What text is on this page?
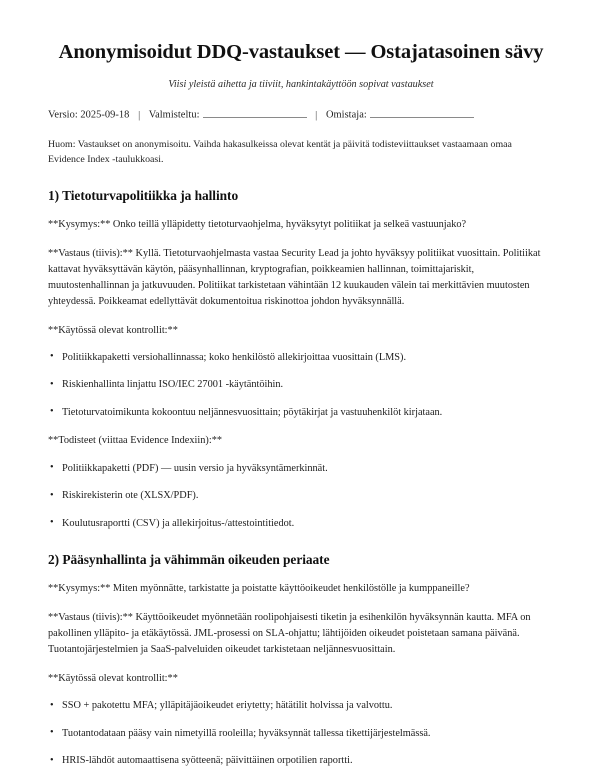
Anonymisoidut DDQ-vastaukset — Ostajatasoinen sävy

Viisi yleistä aihetta ja tiiviit, hankintakäyttöön sopivat vastaukset

Versio: 2025-09-18 | Valmisteltu:	| Omistaja:

Huom: Vastaukset on anonymisoitu. Vaihda hakasulkeissa olevat kentät ja päivitä todisteviittaukset vastaamaan omaa Evidence Index -taulukkoasi.

1) Tietoturvapolitiikka ja hallinto

**Kysymys:** Onko teillä ylläpidetty tietoturvaohjelma, hyväksytyt politiikat ja selkeä vastuunjako?

**Vastaus (tiivis):** Kyllä. Tietoturvaohjelmasta vastaa Security Lead ja johto hyväksyy politiikat vuosittain. Politiikat kattavat hyväksyttävän käytön, pääsynhallinnan, kryptografian, poikkeamien hallinnan, toimittajariskit, muutostenhallinnan ja jatkuvuuden. Politiikat tarkistetaan vähintään 12 kuukauden välein tai merkittävien muutosten yhteydessä. Poikkeamat edellyttävät dokumentoitua riskinottoa johdon hyväksynnällä.

**Käytössä olevat kontrollit:**

• Politiikkapaketti versiohallinnassa; koko henkilöstö allekirjoittaa vuosittain (LMS).
• Riskienhallinta linjattu ISO/IEC 27001 -käytäntöihin.
• Tietoturvatoimikunta kokoontuu neljännesvuosittain; pöytäkirjat ja vastuuhenkilöt kirjataan.

**Todisteet (viittaa Evidence Indexiin):**

• Politiikkapaketti (PDF) — uusin versio ja hyväksyntämerkinnät.
• Riskirekisterin ote (XLSX/PDF).
• Koulutusraportti (CSV) ja allekirjoitus-/attestointitiedot.
2) Pääsynhallinta ja vähimmän oikeuden periaate

**Kysymys:** Miten myönnätte, tarkistatte ja poistatte käyttöoikeudet henkilöstölle ja kumppaneille?

**Vastaus (tiivis):** Käyttöoikeudet myönnetään roolipohjaisesti tiketin ja esihenkilön hyväksynnän kautta. MFA on pakollinen ylläpito- ja etäkäytössä. JML-prosessi on SLA-ohjattu; lähtijöiden oikeudet poistetaan samana päivänä. Tuotantojärjestelmien ja SaaS-palveluiden oikeudet tarkistetaan neljännesvuosittain.

**Käytössä olevat kontrollit:**

• SSO + pakotettu MFA; ylläpitäjäoikeudet eriytetty; hätätilit holvissa ja valvottu.
• Tuotantodataan pääsy vain nimetyillä rooleilla; hyväksynnät tallessa tikettijärjestelmässä.
• HRIS-lähdöt automaattisena syötteenä; päivittäinen orpotilien raportti.
